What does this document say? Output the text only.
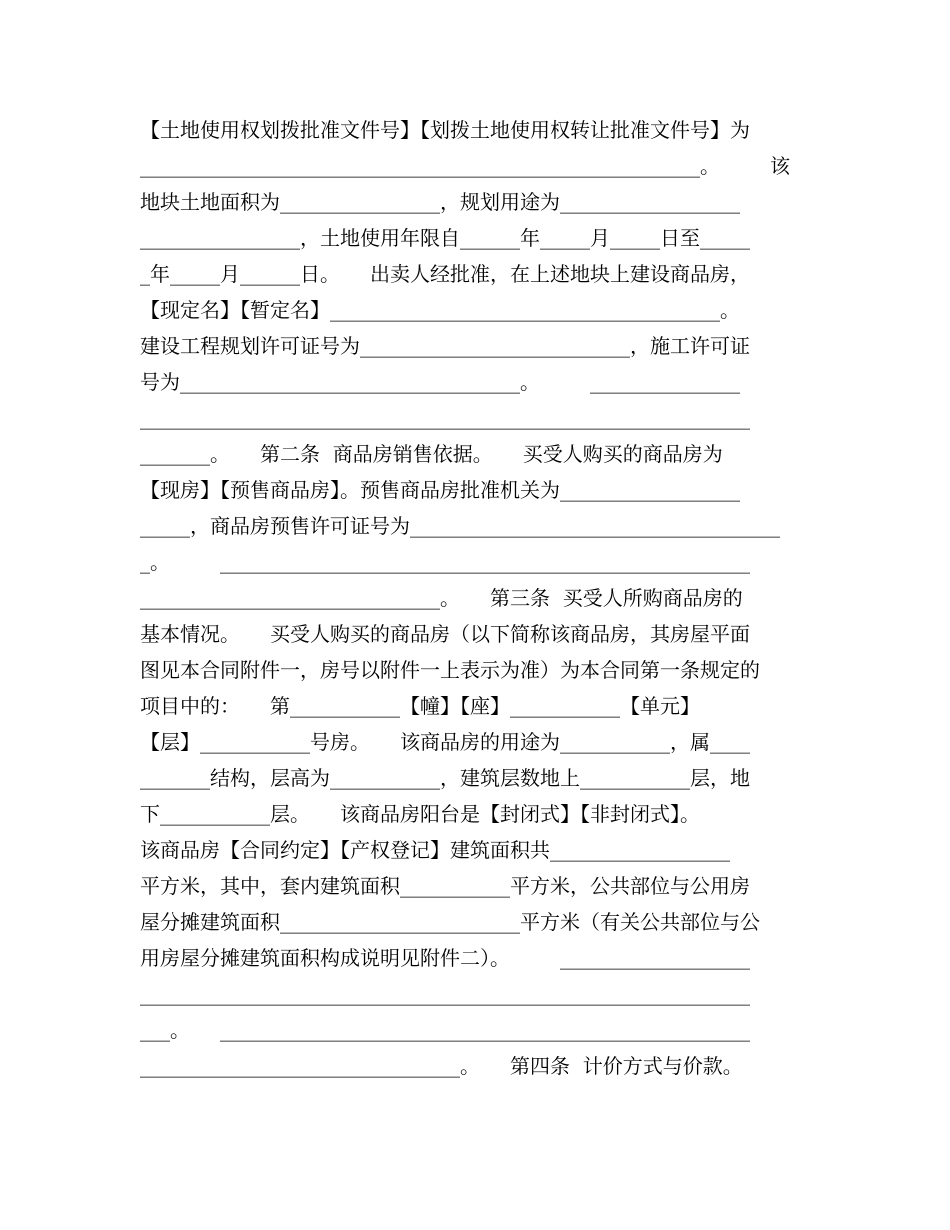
【土地使用权划拨批准文件号】【划拨土地使用权转让批准文件号】为
________________________________________________________。　　　该
地块土地面积为________________，规划用途为__________________
________________，土地使用年限自______年_____月_____日至_____
_年_____月______日。　　出卖人经批准，在上述地块上建设商品房，
【现定名】【暂定名】_______________________________________。
建设工程规划许可证号为___________________________，施工许可证
号为__________________________________。　　　_______________
_____________________________________________________________
_______。　　第二条  商品房销售依据。　　买受人购买的商品房为
【现房】【预售商品房】。预售商品房批准机关为__________________
_____，商品房预售许可证号为_____________________________________
_。　　　_____________________________________________________
______________________________。　　第三条  买受人所购商品房的
基本情况。　　买受人购买的商品房（以下简称该商品房，其房屋平面
图见本合同附件一，房号以附件一上表示为准）为本合同第一条规定的
项目中的：　　第___________【幢】【座】___________【单元】
【层】___________号房。　　该商品房的用途为___________，属____
_______结构，层高为___________，建筑层数地上___________层，地
下___________层。　　该商品房阳台是【封闭式】【非封闭式】。
该商品房【合同约定】【产权登记】建筑面积共__________________
平方米，其中，套内建筑面积___________平方米，公共部位与公用房
屋分摊建筑面积________________________平方米（有关公共部位与公
用房屋分摊建筑面积构成说明见附件二）。　　　___________________
_____________________________________________________________
___。　　_____________________________________________________
________________________________。　　第四条  计价方式与价款。
